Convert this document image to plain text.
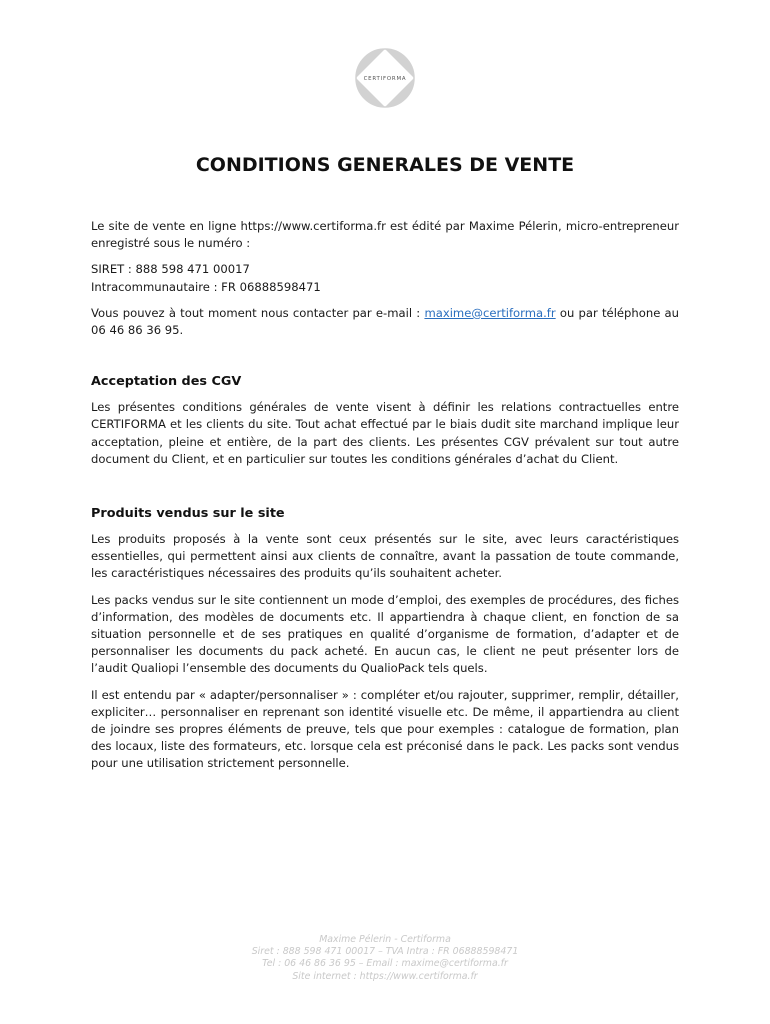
CERTIFORMA
CONDITIONS GENERALES DE VENTE

Le site de vente en ligne https://www.certiforma.fr est édité par Maxime Pélerin, micro-entrepreneur enregistré sous le numéro :

SIRET : 888 598 471 00017

Intracommunautaire : FR 06888598471

Vous pouvez à tout moment nous contacter par e-mail : maxime@certiforma.fr ou par téléphone au 06 46 86 36 95.

Acceptation des CGV

Les présentes conditions générales de vente visent à définir les relations contractuelles entre CERTIFORMA et les clients du site. Tout achat effectué par le biais dudit site marchand implique leur acceptation, pleine et entière, de la part des clients. Les présentes CGV prévalent sur tout autre document du Client, et en particulier sur toutes les conditions générales d’achat du Client.

Produits vendus sur le site

Les produits proposés à la vente sont ceux présentés sur le site, avec leurs caractéristiques essentielles, qui permettent ainsi aux clients de connaître, avant la passation de toute commande, les caractéristiques nécessaires des produits qu’ils souhaitent acheter.

Les packs vendus sur le site contiennent un mode d’emploi, des exemples de procédures, des fiches d’information, des modèles de documents etc. Il appartiendra à chaque client, en fonction de sa situation personnelle et de ses pratiques en qualité d’organisme de formation, d’adapter et de personnaliser les documents du pack acheté. En aucun cas, le client ne peut présenter lors de l’audit Qualiopi l’ensemble des documents du QualioPack tels quels.

Il est entendu par « adapter/personnaliser » : compléter et/ou rajouter, supprimer, remplir, détailler, expliciter… personnaliser en reprenant son identité visuelle etc. De même, il appartiendra au client de joindre ses propres éléments de preuve, tels que pour exemples : catalogue de formation, plan des locaux, liste des formateurs, etc. lorsque cela est préconisé dans le pack. Les packs sont vendus pour une utilisation strictement personnelle.

Maxime Pélerin - Certiforma
Siret : 888 598 471 00017 – TVA Intra : FR 06888598471
Tel : 06 46 86 36 95 – Email : maxime@certiforma.fr
Site internet : https://www.certiforma.fr
